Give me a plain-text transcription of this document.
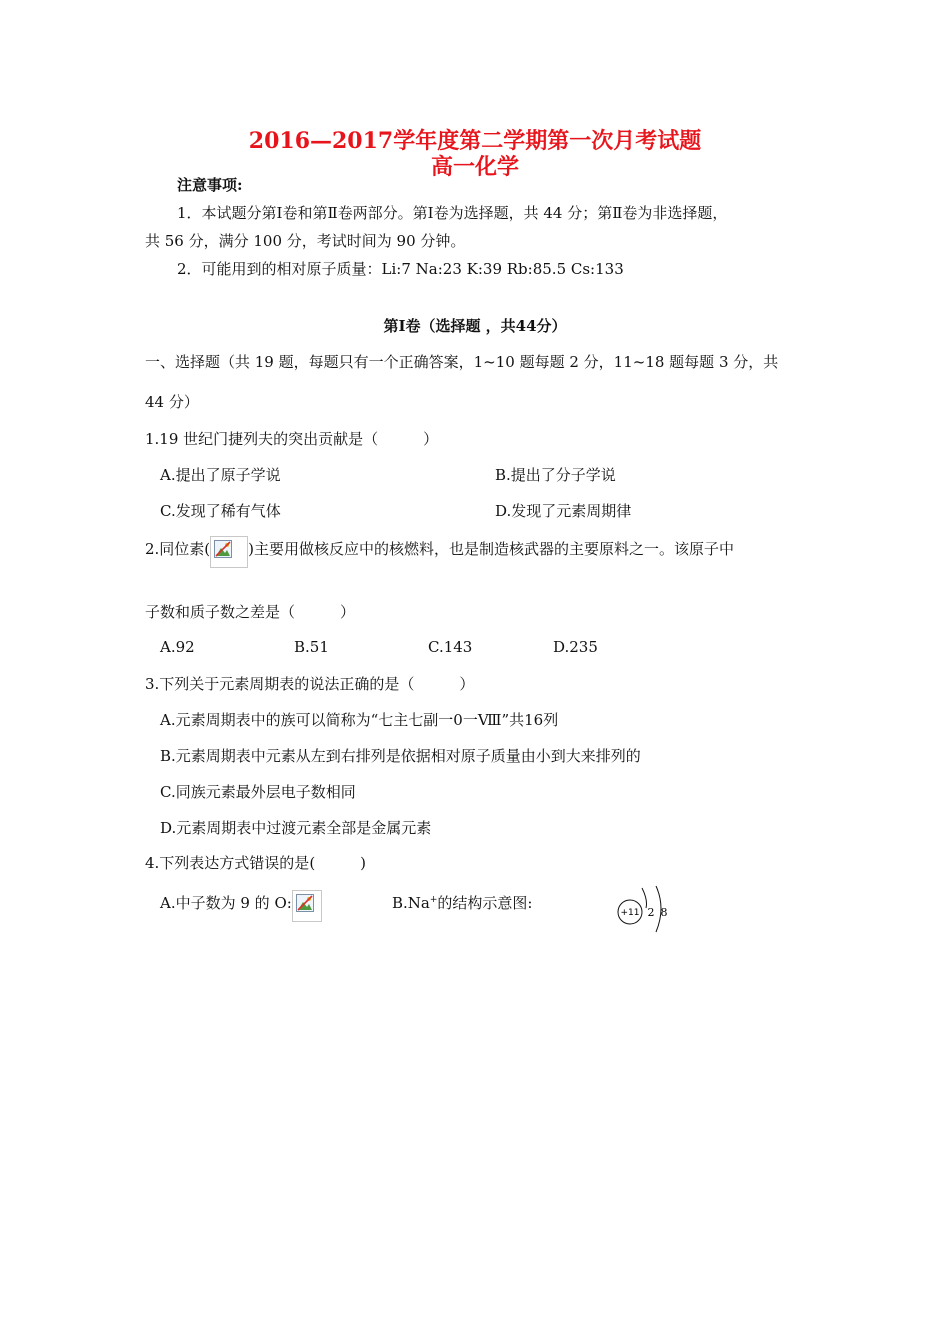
2016—2017学年度第二学期第一次月考试题
高一化学
注意事项:
1．本试题分第Ⅰ卷和第Ⅱ卷两部分。第Ⅰ卷为选择题，共 44 分；第Ⅱ卷为非选择题，
共 56 分，满分 100 分，考试时间为 90 分钟。
2．可能用到的相对原子质量：Li:7 Na:23 K:39 Rb:85.5 Cs:133
第I卷（选择题 ，共44分）
一、选择题（共 19 题，每题只有一个正确答案，1~10 题每题 2 分，11~18 题每题 3 分，共
44 分）
1.19 世纪门捷列夫的突出贡献是（　　　）
A.提出了原子学说	B.提出了分子学说
C.发现了稀有气体	D.发现了元素周期律
2.同位素(	)主要用做核反应中的核燃料，也是制造核武器的主要原料之一。该原子中
子数和质子数之差是（　　　）
A.92	B.51	C.143	D.235
3.下列关于元素周期表的说法正确的是（　　　）
A.元素周期表中的族可以简称为“七主七副一0一Ⅷ”共16列
B.元素周期表中元素从左到右排列是依据相对原子质量由小到大来排列的
C.同族元素最外层电子数相同
D.元素周期表中过渡元素全部是金属元素
4.下列表达方式错误的是(　　　)
A.中子数为 9 的 O:	B.Na+的结构示意图:
+11 2 8
